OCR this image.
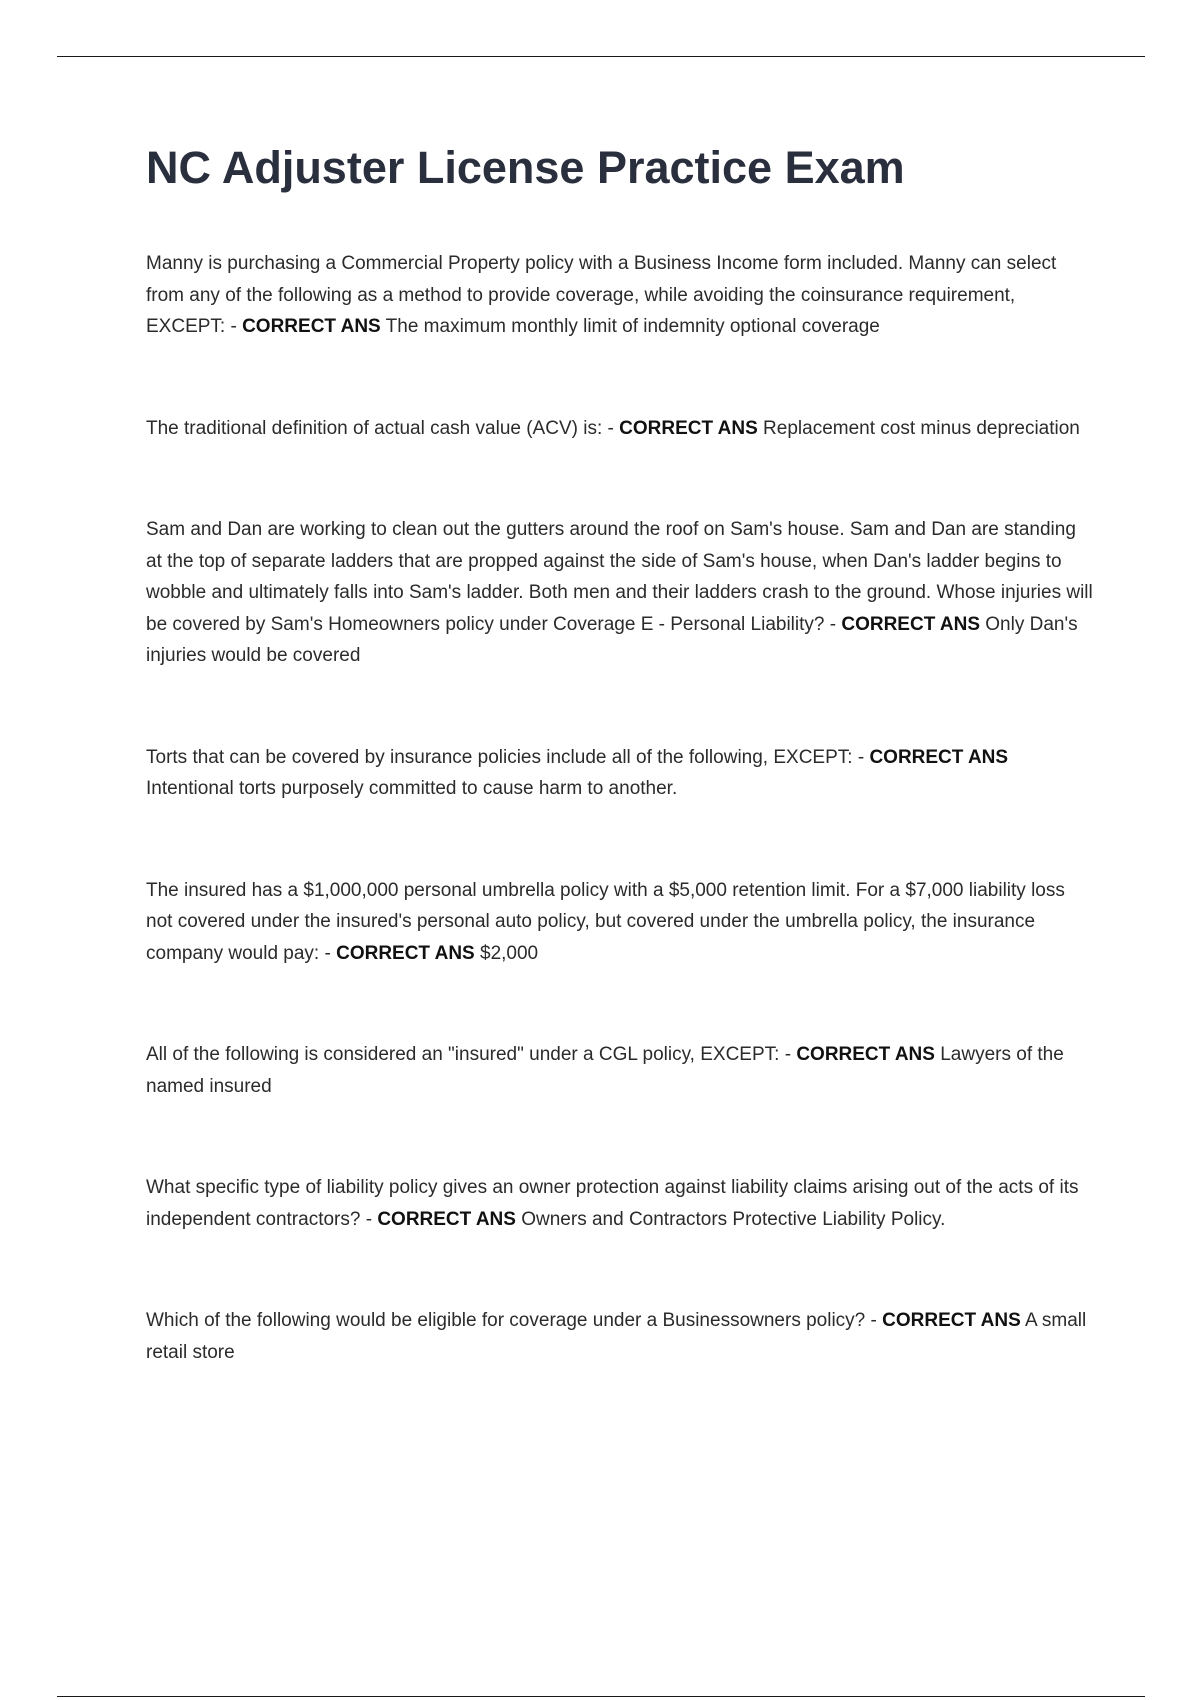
NC Adjuster License Practice Exam

Manny is purchasing a Commercial Property policy with a Business Income form included. Manny can select from any of the following as a method to provide coverage, while avoiding the coinsurance requirement, EXCEPT: - CORRECT ANS The maximum monthly limit of indemnity optional coverage

The traditional definition of actual cash value (ACV) is: - CORRECT ANS Replacement cost minus depreciation

Sam and Dan are working to clean out the gutters around the roof on Sam's house. Sam and Dan are standing at the top of separate ladders that are propped against the side of Sam's house, when Dan's ladder begins to wobble and ultimately falls into Sam's ladder. Both men and their ladders crash to the ground. Whose injuries will be covered by Sam's Homeowners policy under Coverage E - Personal Liability? - CORRECT ANS Only Dan's injuries would be covered

Torts that can be covered by insurance policies include all of the following, EXCEPT: - CORRECT ANS Intentional torts purposely committed to cause harm to another.

The insured has a $1,000,000 personal umbrella policy with a $5,000 retention limit. For a $7,000 liability loss not covered under the insured's personal auto policy, but covered under the umbrella policy, the insurance company would pay: - CORRECT ANS $2,000

All of the following is considered an "insured" under a CGL policy, EXCEPT: - CORRECT ANS Lawyers of the named insured

What specific type of liability policy gives an owner protection against liability claims arising out of the acts of its independent contractors? - CORRECT ANS Owners and Contractors Protective Liability Policy.

Which of the following would be eligible for coverage under a Businessowners policy? - CORRECT ANS A small retail store
